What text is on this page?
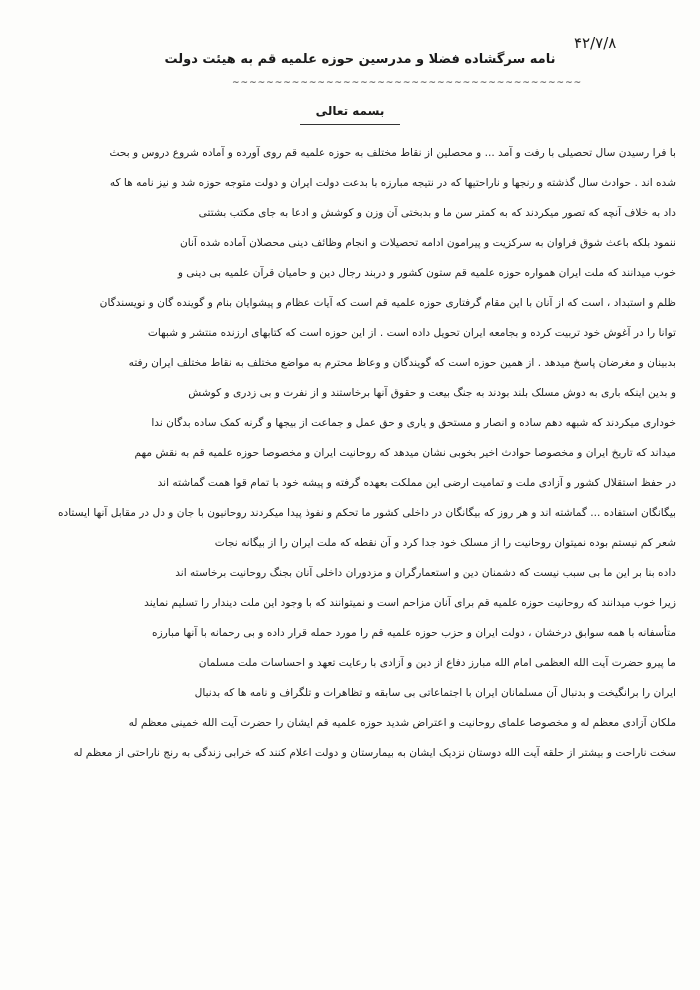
۴۲/۷/۸
نامه سرگشاده فضلا و مدرسین حوزه علمیه قم به هیئت دولت
~~~~~~~~~~~~~~~~~~~~~~~~~~~~~~~~~~~~~~~~~
بسمه تعالی
با فرا رسیدن سال تحصیلی با رفت و آمد ... و محصلین از نقاط مختلف به حوزه علمیه قم روی آورده و آماده شروع دروس و بحث
شده اند . حوادث سال گذشته و رنجها و ناراحتیها که در نتیجه مبارزه با بدعت دولت ایران و دولت متوجه حوزه شد و نیز نامه ها که
داد به خلاف آنچه که تصور میکردند که به کمتر سن ما و بدبختی آن وزن و کوشش و ادعا به جای مکتب بشتتی
ننمود بلکه باعث شوق فراوان به سرکزیت و پیرامون ادامه تحصیلات و انجام وظائف دینی محصلان آماده شده آنان
خوب میدانند که ملت ایران همواره حوزه علمیه قم ستون کشور و دربند رجال دین و حامیان قرآن علمیه بی دینی و
ظلم و استبداد ، است که از آنان با این مقام گرفتاری حوزه علمیه قم است که آیات عظام و پیشوایان بنام و گوینده گان و نویسندگان
توانا را در آغوش خود تربیت کرده و بجامعه ایران تحویل داده است . از این حوزه است که کتابهای ارزنده منتشر و شبهات
بدبینان و مغرضان پاسخ میدهد . از همین حوزه است که گویندگان و وعاظ محترم به مواضع مختلف به نقاط مختلف ایران رفته
و بدین اینکه باری به دوش مسلک بلند بودند به جنگ بیعت و حقوق آنها برخاستند و از نفرت و بی زدری و کوشش
خوداری میکردند که شبهه دهم ساده و انصار و مستحق و یاری و حق عمل و جماعت از بیجها و گرنه کمک ساده بدگان ندا
میداند که تاریخ ایران و مخصوصا حوادث اخیر بخوبی نشان میدهد که روحانیت ایران و مخصوصا حوزه علمیه قم به نقش مهم
در حفظ استقلال کشور و آزادی ملت و تمامیت ارضی این مملکت بعهده گرفته و پیشه خود با تمام قوا همت گماشته اند
بیگانگان استفاده ... گماشته اند و هر روز که بیگانگان در داخلی کشور ما تحکم و نفوذ پیدا میکردند روحانیون با جان و دل در مقابل آنها ایستاده
شعر کم نیستم بوده نمیتوان روحانیت را از مسلک خود جدا کرد و آن نقطه که ملت ایران را از بیگانه نجات
داده بنا بر این ما بی سبب نیست که دشمنان دین و استعمارگران و مزدوران داخلی آنان بجنگ روحانیت برخاسته اند
زیرا خوب میدانند که روحانیت حوزه علمیه قم برای آنان مزاحم است و نمیتوانند که با وجود این ملت دیندار را تسلیم نمایند
متأسفانه با همه سوابق درخشان ، دولت ایران و حزب حوزه علمیه قم را مورد حمله قرار داده و بی رحمانه با آنها مبارزه
ما پیرو حضرت آیت الله العظمی امام الله مبارز دفاع از دین و آزادی با رعایت تعهد و احساسات ملت مسلمان
ایران را برانگیخت و بدنبال آن مسلمانان ایران با اجتماعاتی بی سابقه و تظاهرات و تلگراف و نامه ها که بدنبال
ملکان آزادی معظم له و مخصوصا علمای روحانیت و اعتراض شدید حوزه علمیه قم ایشان را حضرت آیت الله خمینی معظم له
سخت ناراحت و بیشتر از حلقه آیت الله دوستان نزدیک ایشان به بیمارستان و دولت اعلام کنند که خرابی زندگی به رنج ناراحتی از معظم له
